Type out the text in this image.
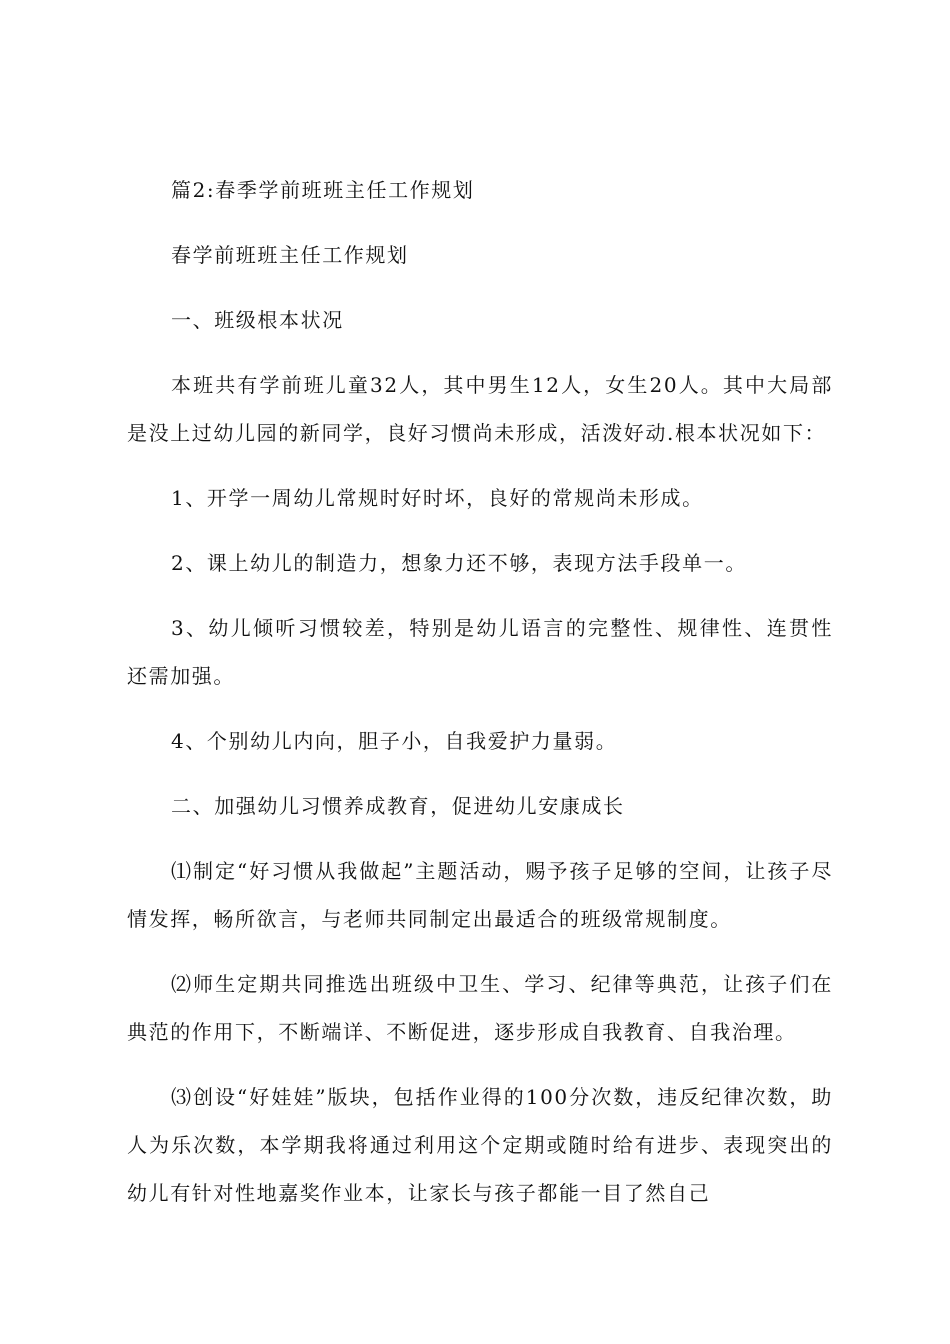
篇2:春季学前班班主任工作规划

春学前班班主任工作规划

一、班级根本状况

本班共有学前班儿童32人，其中男生12人，女生20人。其中大局部是没上过幼儿园的新同学，良好习惯尚未形成，活泼好动.根本状况如下：

1、开学一周幼儿常规时好时坏，良好的常规尚未形成。

2、课上幼儿的制造力，想象力还不够，表现方法手段单一。

3、幼儿倾听习惯较差，特别是幼儿语言的完整性、规律性、连贯性还需加强。

4、个别幼儿内向，胆子小，自我爱护力量弱。

二、加强幼儿习惯养成教育，促进幼儿安康成长

⑴制定“好习惯从我做起”主题活动，赐予孩子足够的空间，让孩子尽情发挥，畅所欲言，与老师共同制定出最适合的班级常规制度。

⑵师生定期共同推选出班级中卫生、学习、纪律等典范，让孩子们在典范的作用下，不断端详、不断促进，逐步形成自我教育、自我治理。

⑶创设“好娃娃”版块，包括作业得的100分次数，违反纪律次数，助人为乐次数，本学期我将通过利用这个定期或随时给有进步、表现突出的幼儿有针对性地嘉奖作业本，让家长与孩子都能一目了然自己
